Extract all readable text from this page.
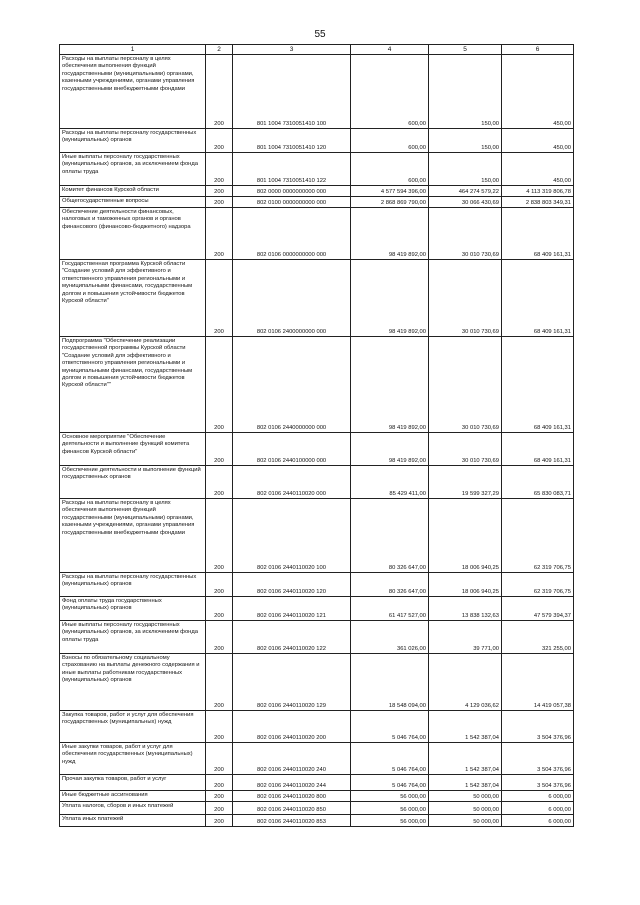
55
1	2	3	4	5	6
Расходы на выплаты персоналу в целях обеспечения выполнения функций государственными (муниципальными) органами, казенными учреждениями, органами управления государственными внебюджетными фондами	200	801 1004 7310051410 100	600,00	150,00	450,00
Расходы на выплаты персоналу государственных (муниципальных) органов	200	801 1004 7310051410 120	600,00	150,00	450,00
Иные выплаты персоналу государственных (муниципальных) органов, за исключением фонда оплаты труда	200	801 1004 7310051410 122	600,00	150,00	450,00
Комитет финансов Курской области	200	802 0000 0000000000 000	4 577 594 396,00	464 274 579,22	4 113 319 806,78
Общегосударственные вопросы	200	802 0100 0000000000 000	2 868 869 790,00	30 066 430,69	2 838 803 349,31
Обеспечение деятельности финансовых, налоговых и таможенных органов и органов финансового (финансово-бюджетного) надзора	200	802 0106 0000000000 000	98 419 892,00	30 010 730,69	68 409 161,31
Государственная программа Курской области "Создание условий для эффективного и ответственного управления региональными и муниципальными финансами, государственным долгом и повышения устойчивости бюджетов Курской области"	200	802 0106 2400000000 000	98 419 892,00	30 010 730,69	68 409 161,31
Подпрограмма "Обеспечение реализации государственной программы Курской области "Создание условий для эффективного и ответственного управления региональными и муниципальными финансами, государственным долгом и повышения устойчивости бюджетов Курской области""	200	802 0106 2440000000 000	98 419 892,00	30 010 730,69	68 409 161,31
Основное мероприятие "Обеспечение деятельности и выполнение функций комитета финансов Курской области"	200	802 0106 2440100000 000	98 419 892,00	30 010 730,69	68 409 161,31
Обеспечение деятельности и выполнение функций государственных органов	200	802 0106 2440110020 000	85 429 411,00	19 599 327,29	65 830 083,71
Расходы на выплаты персоналу в целях обеспечения выполнения функций государственными (муниципальными) органами, казенными учреждениями, органами управления государственными внебюджетными фондами	200	802 0106 2440110020 100	80 326 647,00	18 006 940,25	62 319 706,75
Расходы на выплаты персоналу государственных (муниципальных) органов	200	802 0106 2440110020 120	80 326 647,00	18 006 940,25	62 319 706,75
Фонд оплаты труда государственных (муниципальных) органов	200	802 0106 2440110020 121	61 417 527,00	13 838 132,63	47 579 394,37
Иные выплаты персоналу государственных (муниципальных) органов, за исключением фонда оплаты труда	200	802 0106 2440110020 122	361 026,00	39 771,00	321 255,00
Взносы по обязательному социальному страхованию на выплаты денежного содержания и иные выплаты работникам государственных (муниципальных) органов	200	802 0106 2440110020 129	18 548 094,00	4 129 036,62	14 419 057,38
Закупка товаров, работ и услуг для обеспечения государственных (муниципальных) нужд	200	802 0106 2440110020 200	5 046 764,00	1 542 387,04	3 504 376,96
Иные закупки товаров, работ и услуг для обеспечения государственных (муниципальных) нужд	200	802 0106 2440110020 240	5 046 764,00	1 542 387,04	3 504 376,96
Прочая закупка товаров, работ и услуг	200	802 0106 2440110020 244	5 046 764,00	1 542 387,04	3 504 376,96
Иные бюджетные ассигнования	200	802 0106 2440110020 800	56 000,00	50 000,00	6 000,00
Уплата налогов, сборов и иных платежей	200	802 0106 2440110020 850	56 000,00	50 000,00	6 000,00
Уплата иных платежей	200	802 0106 2440110020 853	56 000,00	50 000,00	6 000,00
